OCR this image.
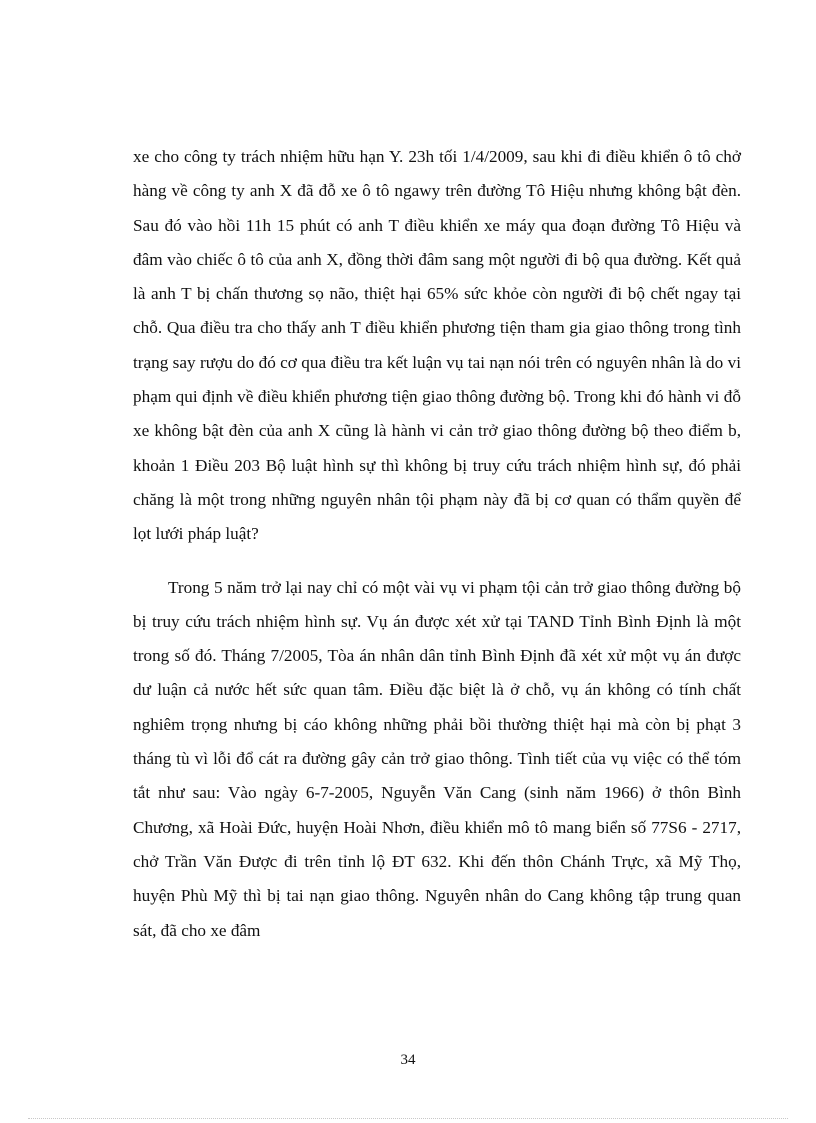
xe cho công ty trách nhiệm hữu hạn Y. 23h tối 1/4/2009, sau khi đi điều khiển ô tô chở hàng về công ty anh X đã đỗ xe ô tô ngawy trên đường Tô Hiệu nhưng không bật đèn. Sau đó vào hồi 11h 15 phút có anh T điều khiển xe máy qua đoạn đường Tô Hiệu và đâm vào chiếc ô tô của anh X, đồng thời đâm sang một người đi bộ qua đường. Kết quả là anh T bị chấn thương sọ não, thiệt hại 65% sức khỏe còn người đi bộ chết ngay tại chỗ. Qua điều tra cho thấy anh T điều khiển phương tiện tham gia giao thông trong tình trạng say rượu do đó cơ qua điều tra kết luận vụ tai nạn nói trên có nguyên nhân là do vi phạm qui định về điều khiển phương tiện giao thông đường bộ. Trong khi đó hành vi đỗ xe không bật đèn của anh X cũng là hành vi cản trở giao thông đường bộ theo điểm b, khoản 1 Điều 203 Bộ luật hình sự thì không bị truy cứu trách nhiệm hình sự, đó phải chăng là một trong những nguyên nhân tội phạm này đã bị cơ quan có thẩm quyền để lọt lưới pháp luật?

Trong 5 năm trở lại nay chỉ có một vài vụ vi phạm tội cản trở giao thông đường bộ bị truy cứu trách nhiệm hình sự. Vụ án được xét xử tại TAND Tỉnh Bình Định là một trong số đó. Tháng 7/2005, Tòa án nhân dân tỉnh Bình Định đã xét xử một vụ án được dư luận cả nước hết sức quan tâm. Điều đặc biệt là ở chỗ, vụ án không có tính chất nghiêm trọng nhưng bị cáo không những phải bồi thường thiệt hại mà còn bị phạt 3 tháng tù vì lỗi đổ cát ra đường gây cản trở giao thông. Tình tiết của vụ việc có thể tóm tắt như sau: Vào ngày 6-7-2005, Nguyễn Văn Cang (sinh năm 1966) ở thôn Bình Chương, xã Hoài Đức, huyện Hoài Nhơn, điều khiển mô tô mang biển số 77S6 - 2717, chở Trần Văn Được đi trên tỉnh lộ ĐT 632. Khi đến thôn Chánh Trực, xã Mỹ Thọ, huyện Phù Mỹ thì bị tai nạn giao thông. Nguyên nhân do Cang không tập trung quan sát, đã cho xe đâm

34
